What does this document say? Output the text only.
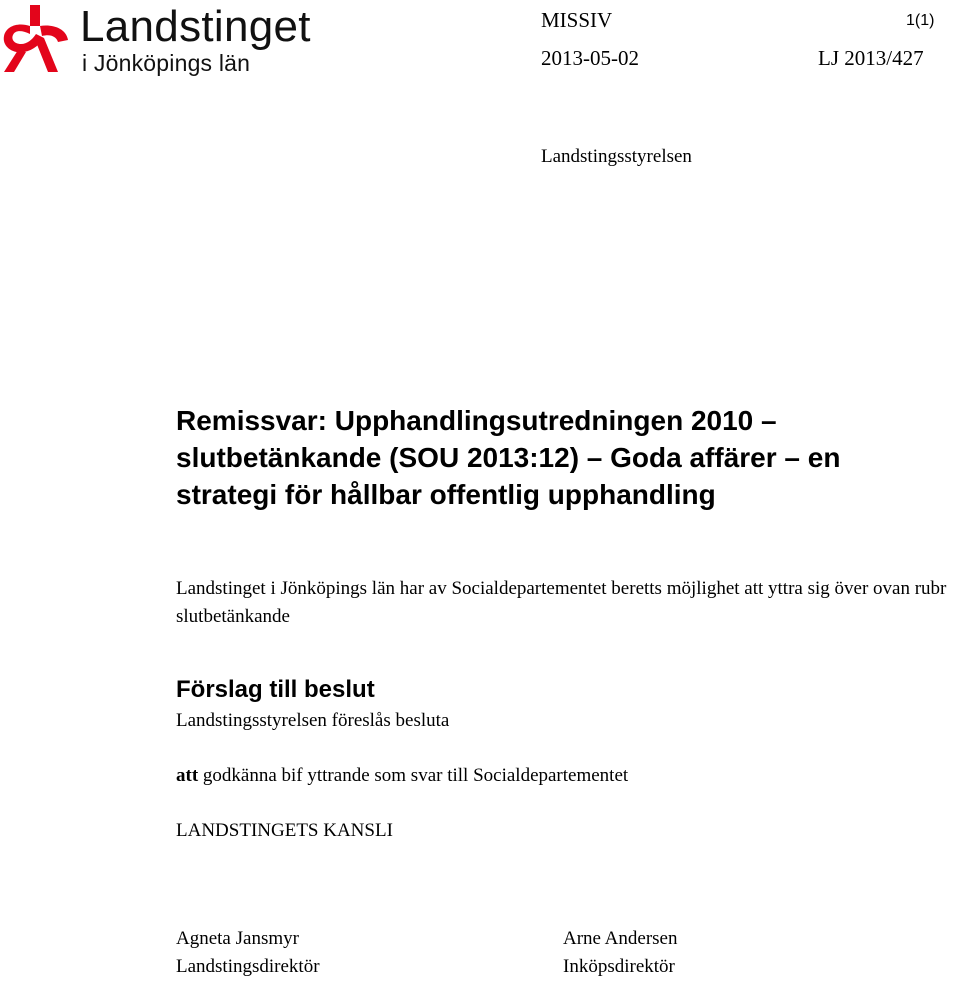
Landstinget
i Jönköpings län
MISSIV	1(1)
2013-05-02	LJ 2013/427
Landstingsstyrelsen
Remissvar: Upphandlingsutredningen 2010 – slutbetänkande (SOU 2013:12) – Goda affärer – en strategi för hållbar offentlig upphandling
Landstinget i Jönköpings län har av Socialdepartementet beretts möjlighet att yttra sig över ovan rubr slutbetänkande
Förslag till beslut
Landstingsstyrelsen föreslås besluta
att godkänna bif yttrande som svar till Socialdepartementet
LANDSTINGETS KANSLI
Agneta Jansmyr
Landstingsdirektör
Arne Andersen
Inköpsdirektör
